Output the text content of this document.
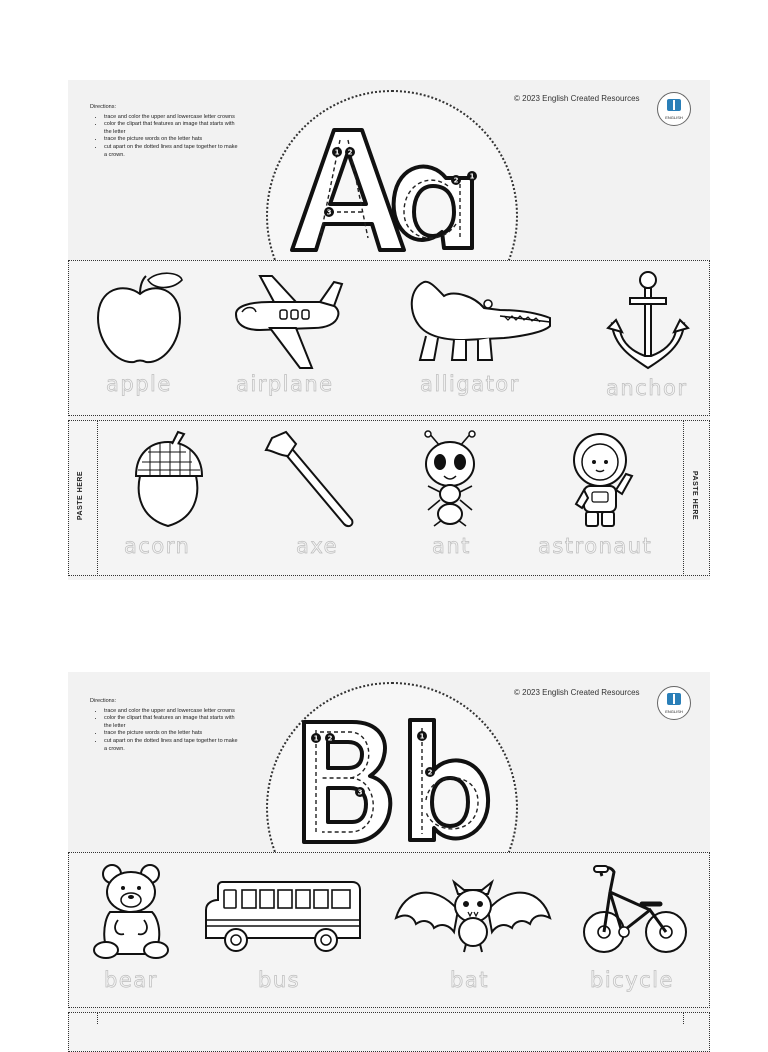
Directions:
• trace and color the upper and lowercase letter crowns
• color the clipart that features an image that starts with the letter
• trace the picture words on the letter hats
• cut apart on the dotted lines and tape together to make a crown.
© 2023 English Created Resources
ENGLISH
1 2
3
2 1
apple	airplane	alligator	anchor
PASTE HERE	PASTE HERE
acorn	axe	ant	astronaut
Directions:
• trace and color the upper and lowercase letter crowns
• color the clipart that features an image that starts with the letter
• trace the picture words on the letter hats
• cut apart on the dotted lines and tape together to make a crown.
© 2023 English Created Resources
ENGLISH
1 2
3
1
2
bear	bus	bat	bicycle
